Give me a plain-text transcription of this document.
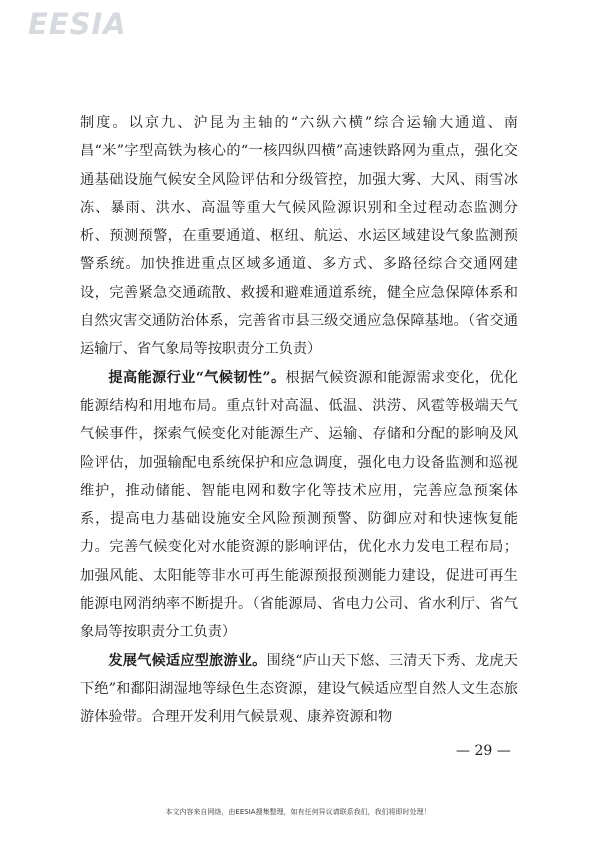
EESIA

制度。以京九、沪昆为主轴的“六纵六横”综合运输大通道、南昌“米”字型高铁为核心的“一核四纵四横”高速铁路网为重点，强化交通基础设施气候安全风险评估和分级管控，加强大雾、大风、雨雪冰冻、暴雨、洪水、高温等重大气候风险源识别和全过程动态监测分析、预测预警，在重要通道、枢纽、航运、水运区域建设气象监测预警系统。加快推进重点区域多通道、多方式、多路径综合交通网建设，完善紧急交通疏散、救援和避难通道系统，健全应急保障体系和自然灾害交通防治体系，完善省市县三级交通应急保障基地。（省交通运输厅、省气象局等按职责分工负责）

提高能源行业“气候韧性”。根据气候资源和能源需求变化，优化能源结构和用地布局。重点针对高温、低温、洪涝、风雹等极端天气气候事件，探索气候变化对能源生产、运输、存储和分配的影响及风险评估，加强输配电系统保护和应急调度，强化电力设备监测和巡视维护，推动储能、智能电网和数字化等技术应用，完善应急预案体系，提高电力基础设施安全风险预测预警、防御应对和快速恢复能力。完善气候变化对水能资源的影响评估，优化水力发电工程布局；加强风能、太阳能等非水可再生能源预报预测能力建设，促进可再生能源电网消纳率不断提升。（省能源局、省电力公司、省水利厅、省气象局等按职责分工负责）

发展气候适应型旅游业。围绕“庐山天下悠、三清天下秀、龙虎天下绝”和鄱阳湖湿地等绿色生态资源，建设气候适应型自然人文生态旅游体验带。合理开发利用气候景观、康养资源和物

— 29 —
本文内容来自网络，由EESIA搜集整理，如有任何异议请联系我们，我们将即时处理！
